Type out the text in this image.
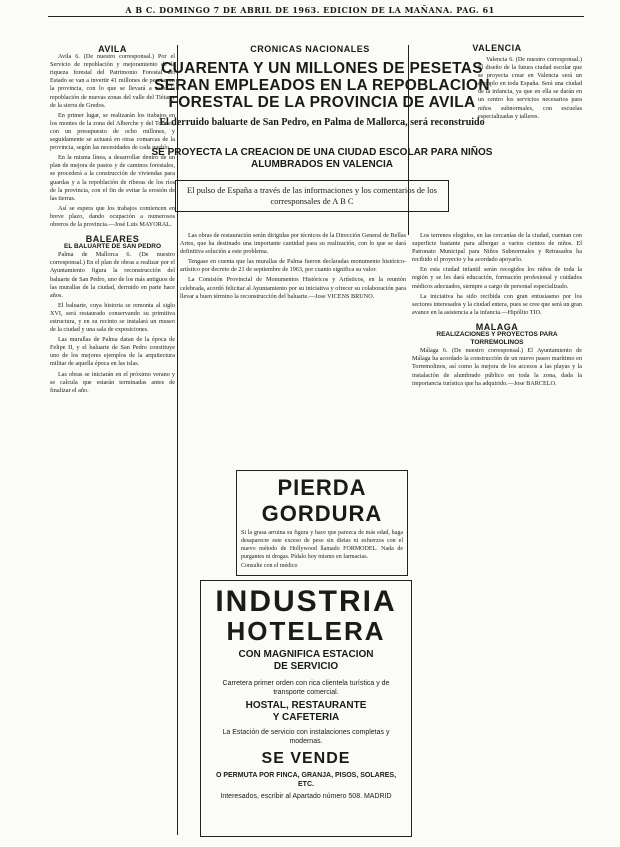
A B C. DOMINGO 7 DE ABRIL DE 1963. EDICION DE LA MAÑANA. PAG. 61
AVILA

Avila 6. (De nuestro corresponsal.) Por el Servicio de repoblación y mejoramiento de la riqueza forestal del Patrimonio Forestal del Estado se van a invertir 41 millones de pesetas en la provincia, con lo que se llevará a cabo la repoblación de nuevas zonas del valle del Tiétar y de la sierra de Gredos.

En primer lugar, se realizarán los trabajos en los montes de la zona del Alberche y del Tormes, con un presupuesto de ocho millones, y seguidamente se actuará en otras comarcas de la provincia, según las necesidades de cada pueblo.

En la misma línea, a desarrollar dentro de un plan de mejora de pastos y de caminos forestales, se procederá a la construcción de viviendas para guardas y a la repoblación de riberas de los ríos de la provincia, con el fin de evitar la erosión de las tierras.

Así se espera que los trabajos comiencen en breve plazo, dando ocupación a numerosos obreros de la provincia.—José Luis MAYORAL.

BALEARES
EL BALUARTE DE SAN PEDRO

Palma de Mallorca 6. (De nuestro corresponsal.) En el plan de obras a realizar por el Ayuntamiento figura la reconstrucción del baluarte de San Pedro, uno de los más antiguos de las murallas de la ciudad, derruido en parte hace años.

El baluarte, cuya historia se remonta al siglo XVI, será restaurado conservando su primitiva estructura, y en su recinto se instalará un museo de la ciudad y una sala de exposiciones.

Las murallas de Palma datan de la época de Felipe II, y el baluarte de San Pedro constituye uno de los mejores ejemplos de la arquitectura militar de aquella época en las islas.

Las obras se iniciarán en el próximo verano y se calcula que estarán terminadas antes de finalizar el año.

CRONICAS NACIONALES
CUARENTA Y UN MILLONES DE PESETAS SERAN EMPLEADOS EN LA REPOBLACION FORESTAL DE LA PROVINCIA DE AVILA
El derruido baluarte de San Pedro, en Palma de Mallorca, será reconstruido
SE PROYECTA LA CREACION DE UNA CIUDAD ESCOLAR PARA NIÑOS ALUMBRADOS EN VALENCIA
El pulso de España a través de las informaciones y los comentarios de los corresponsales de A B C

Las obras de restauración serán dirigidas por técnicos de la Dirección General de Bellas Artes, que ha destinado una importante cantidad para su realización, con lo que se dará definitiva solución a este problema.

Tengase en cuenta que las murallas de Palma fueron declaradas monumento histórico-artístico por decreto de 21 de septiembre de 1963, por cuanto significa su valor.

La Comisión Provincial de Monumentos Históricos y Artísticos, en la reunión celebrada, acordó felicitar al Ayuntamiento por su iniciativa y ofrecer su colaboración para llevar a buen término la reconstrucción del baluarte.—Jose VICENS BRUNO.

PIERDA GORDURA
Si la grasa arruina su figura y hace que parezca de más edad, haga desaparecer este exceso de peso sin dietas ni esfuerzos con el nuevo método de Hollywood llamado FORMODEL. Nada de purgantes ni drogas. Pídalo hoy mismo en farmacias.
Consulte con el médico
INDUSTRIA
HOTELERA
CON MAGNIFICA ESTACION
DE SERVICIO
Carretera primer orden con rica clientela turística y de transporte comercial.
HOSTAL, RESTAURANTE
Y CAFETERIA
La Estación de servicio con instalaciones completas y modernas.
SE VENDE
O PERMUTA POR FINCA, GRANJA, PISOS, SOLARES, ETC.
Interesados, escribir al Apartado número 508. MADRID
VALENCIA

Valencia 6. (De nuestro corresponsal.) El diseño de la futura ciudad escolar que se proyecta crear en Valencia será un ejemplo en toda España. Será una ciudad de la infancia, ya que en ella se darán en un centro los servicios necesarios para niños subnormales, con escuelas especializadas y talleres.

Los terrenos elegidos, en las cercanías de la ciudad, cuentan con superficie bastante para albergar a varios cientos de niños. El Patronato Municipal para Niños Subnormales y Retrasados ha recibido el proyecto y ha acordado apoyarlo.

En esta ciudad infantil serán recogidos los niños de toda la región y se les dará educación, formación profesional y cuidados médicos adecuados, siempre a cargo de personal especializado.

La iniciativa ha sido recibida con gran entusiasmo por los sectores interesados y la ciudad entera, pues se cree que será un gran avance en la asistencia a la infancia.—Hipólito TIO.

MALAGA
REALIZACIONES Y PROYECTOS PARA TORREMOLINOS

Málaga 6. (De nuestro corresponsal.) El Ayuntamiento de Málaga ha acordado la construcción de un nuevo paseo marítimo en Torremolinos, así como la mejora de los accesos a las playas y la instalación de alumbrado público en toda la zona, dada la importancia turística que ha adquirido.—Jose BARCELO.
